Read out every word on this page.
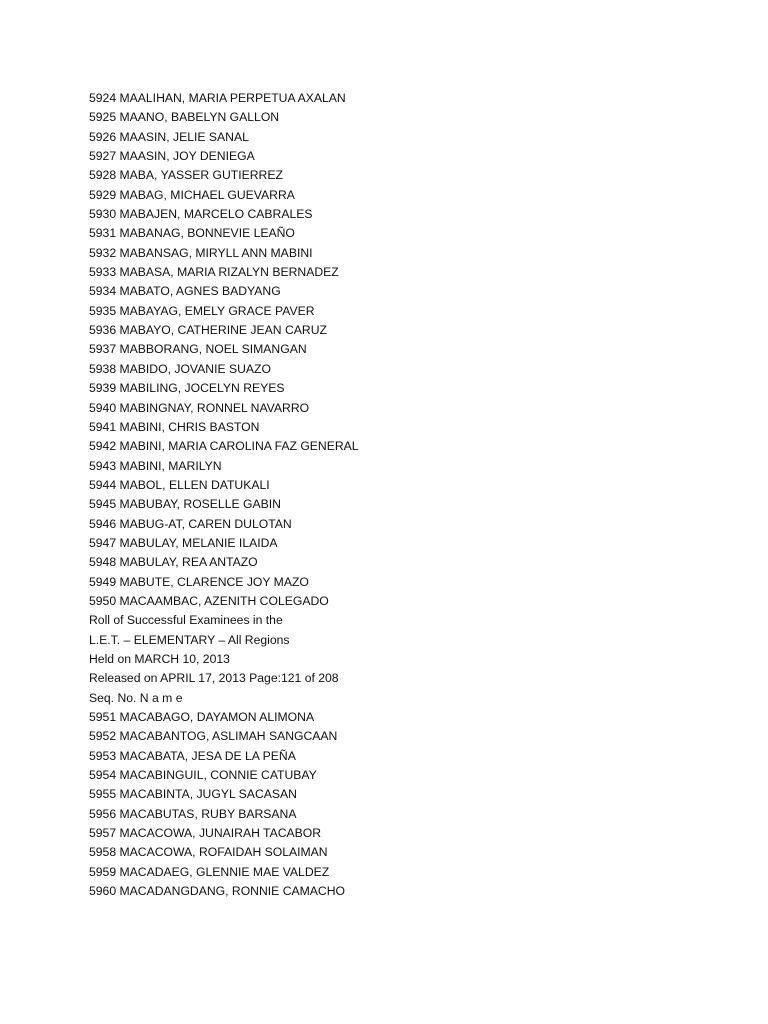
5924 MAALIHAN, MARIA PERPETUA AXALAN
5925 MAANO, BABELYN GALLON
5926 MAASIN, JELIE SANAL
5927 MAASIN, JOY DENIEGA
5928 MABA, YASSER GUTIERREZ
5929 MABAG, MICHAEL GUEVARRA
5930 MABAJEN, MARCELO CABRALES
5931 MABANAG, BONNEVIE LEAÑO
5932 MABANSAG, MIRYLL ANN MABINI
5933 MABASA, MARIA RIZALYN BERNADEZ
5934 MABATO, AGNES BADYANG
5935 MABAYAG, EMELY GRACE PAVER
5936 MABAYO, CATHERINE JEAN CARUZ
5937 MABBORANG, NOEL SIMANGAN
5938 MABIDO, JOVANIE SUAZO
5939 MABILING, JOCELYN REYES
5940 MABINGNAY, RONNEL NAVARRO
5941 MABINI, CHRIS BASTON
5942 MABINI, MARIA CAROLINA FAZ GENERAL
5943 MABINI, MARILYN
5944 MABOL, ELLEN DATUKALI
5945 MABUBAY, ROSELLE GABIN
5946 MABUG-AT, CAREN DULOTAN
5947 MABULAY, MELANIE ILAIDA
5948 MABULAY, REA ANTAZO
5949 MABUTE, CLARENCE JOY MAZO
5950 MACAAMBAC, AZENITH COLEGADO
Roll of Successful Examinees in the
L.E.T. – ELEMENTARY – All Regions
Held on MARCH 10, 2013
Released on APRIL 17, 2013 Page:121 of 208
Seq. No. N a m e
5951 MACABAGO, DAYAMON ALIMONA
5952 MACABANTOG, ASLIMAH SANGCAAN
5953 MACABATA, JESA DE LA PEÑA
5954 MACABINGUIL, CONNIE CATUBAY
5955 MACABINTA, JUGYL SACASAN
5956 MACABUTAS, RUBY BARSANA
5957 MACACOWA, JUNAIRAH TACABOR
5958 MACACOWA, ROFAIDAH SOLAIMAN
5959 MACADAEG, GLENNIE MAE VALDEZ
5960 MACADANGDANG, RONNIE CAMACHO
